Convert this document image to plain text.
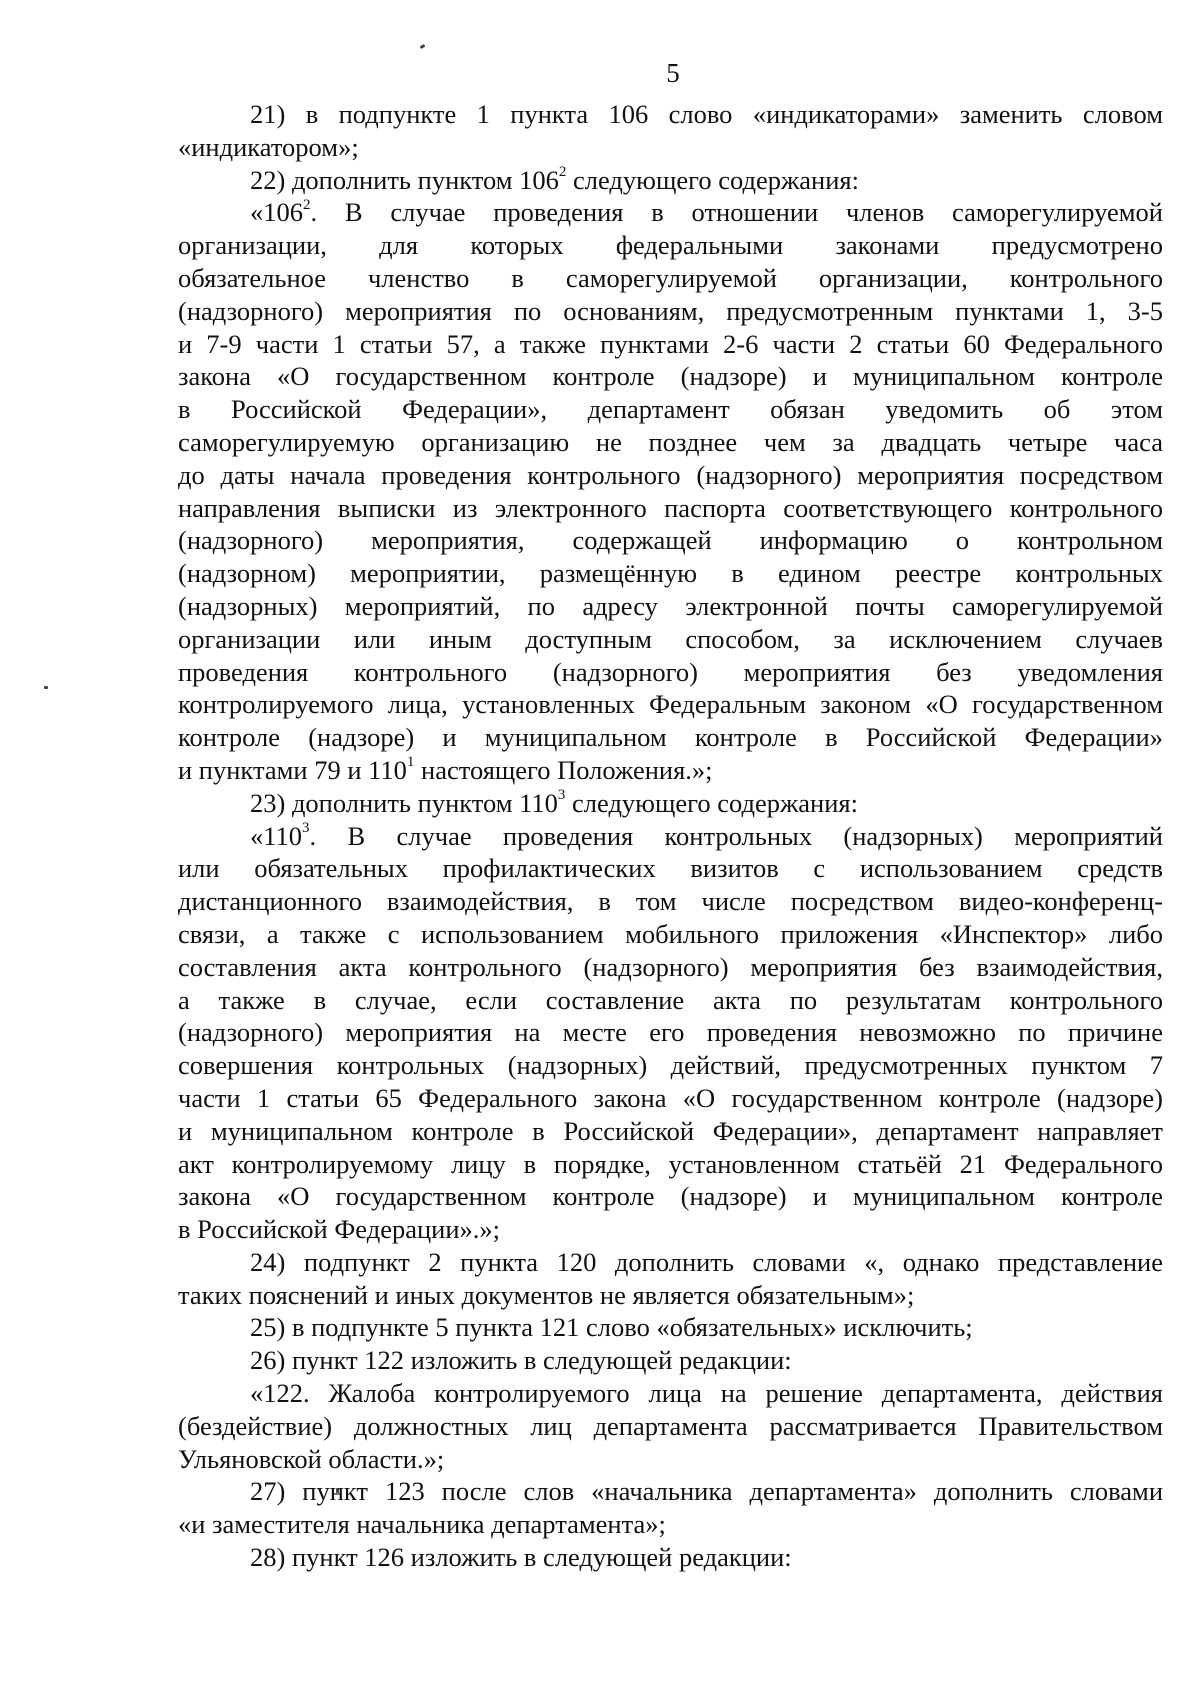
5
21) в подпункте 1 пункта 106 слово «индикаторами» заменить словом
«индикатором»;
22) дополнить пунктом $106^2$ следующего содержания:
«$106^2$. В случае проведения в отношении членов саморегулируемой
организации, для которых федеральными законами предусмотрено
обязательное членство в саморегулируемой организации, контрольного
(надзорного) мероприятия по основаниям, предусмотренным пунктами 1, 3-5
и 7-9 части 1 статьи 57, а также пунктами 2-6 части 2 статьи 60 Федерального
закона «О государственном контроле (надзоре) и муниципальном контроле
в Российской Федерации», департамент обязан уведомить об этом
саморегулируемую организацию не позднее чем за двадцать четыре часа
до даты начала проведения контрольного (надзорного) мероприятия посредством
направления выписки из электронного паспорта соответствующего контрольного
(надзорного) мероприятия, содержащей информацию о контрольном
(надзорном) мероприятии, размещённую в едином реестре контрольных
(надзорных) мероприятий, по адресу электронной почты саморегулируемой
организации или иным доступным способом, за исключением случаев
проведения контрольного (надзорного) мероприятия без уведомления
контролируемого лица, установленных Федеральным законом «О государственном
контроле (надзоре) и муниципальном контроле в Российской Федерации»
и пунктами 79 и $110^1$ настоящего Положения.»;
23) дополнить пунктом $110^3$ следующего содержания:
«$110^3$. В случае проведения контрольных (надзорных) мероприятий
или обязательных профилактических визитов с использованием средств
дистанционного взаимодействия, в том числе посредством видео-конференц-
связи, а также с использованием мобильного приложения «Инспектор» либо
составления акта контрольного (надзорного) мероприятия без взаимодействия,
а также в случае, если составление акта по результатам контрольного
(надзорного) мероприятия на месте его проведения невозможно по причине
совершения контрольных (надзорных) действий, предусмотренных пунктом 7
части 1 статьи 65 Федерального закона «О государственном контроле (надзоре)
и муниципальном контроле в Российской Федерации», департамент направляет
акт контролируемому лицу в порядке, установленном статьёй 21 Федерального
закона «О государственном контроле (надзоре) и муниципальном контроле
в Российской Федерации».»;
24) подпункт 2 пункта 120 дополнить словами «, однако представление
таких пояснений и иных документов не является обязательным»;
25) в подпункте 5 пункта 121 слово «обязательных» исключить;
26) пункт 122 изложить в следующей редакции:
«122. Жалоба контролируемого лица на решение департамента, действия
(бездействие) должностных лиц департамента рассматривается Правительством
Ульяновской области.»;
27) пункт 123 после слов «начальника департамента» дополнить словами
«и заместителя начальника департамента»;
28) пункт 126 изложить в следующей редакции:
